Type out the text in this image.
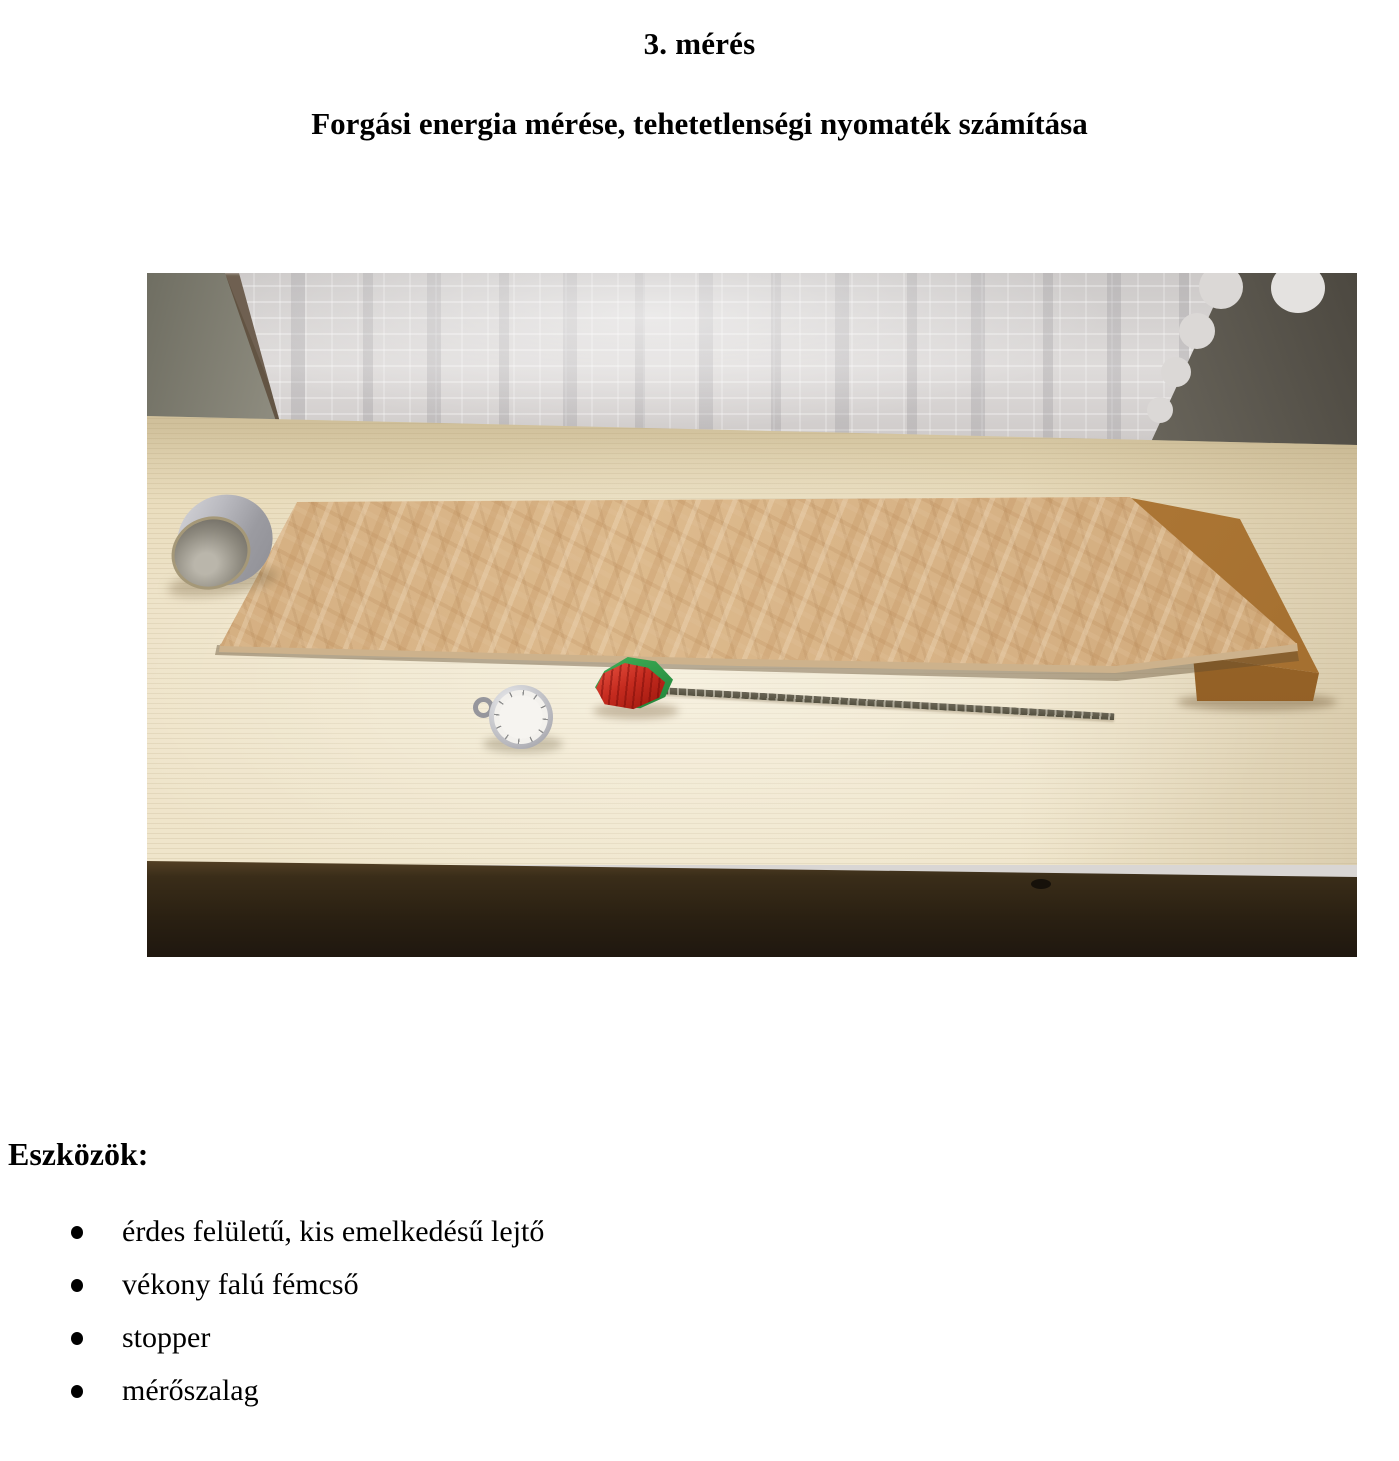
3. mérés
Forgási energia mérése, tehetetlenségi nyomaték számítása
Eszközök:
érdes felületű, kis emelkedésű lejtő
vékony falú fémcső
stopper
mérőszalag
